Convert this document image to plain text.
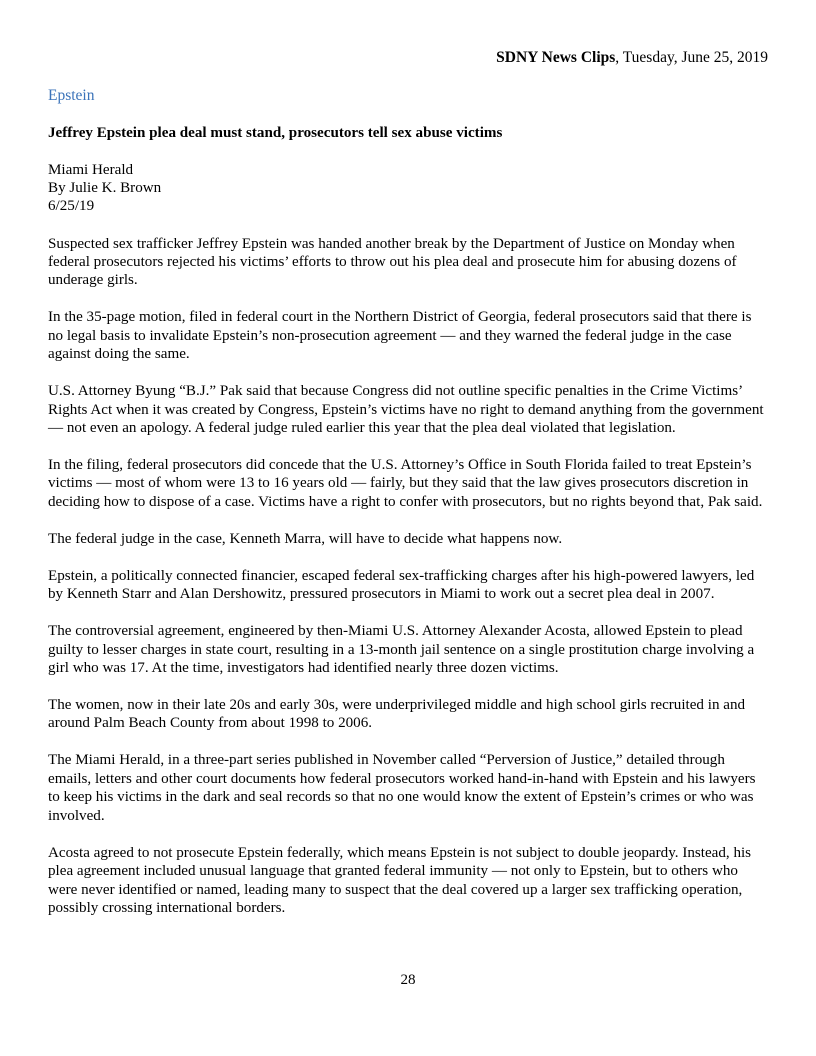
SDNY News Clips, Tuesday, June 25, 2019
Epstein
Jeffrey Epstein plea deal must stand, prosecutors tell sex abuse victims
Miami Herald
By Julie K. Brown
6/25/19

Suspected sex trafficker Jeffrey Epstein was handed another break by the Department of Justice on Monday when federal prosecutors rejected his victims’ efforts to throw out his plea deal and prosecute him for abusing dozens of underage girls.

In the 35-page motion, filed in federal court in the Northern District of Georgia, federal prosecutors said that there is no legal basis to invalidate Epstein’s non-prosecution agreement — and they warned the federal judge in the case against doing the same.

U.S. Attorney Byung “B.J.” Pak said that because Congress did not outline specific penalties in the Crime Victims’ Rights Act when it was created by Congress, Epstein’s victims have no right to demand anything from the government — not even an apology. A federal judge ruled earlier this year that the plea deal violated that legislation.

In the filing, federal prosecutors did concede that the U.S. Attorney’s Office in South Florida failed to treat Epstein’s victims — most of whom were 13 to 16 years old — fairly, but they said that the law gives prosecutors discretion in deciding how to dispose of a case. Victims have a right to confer with prosecutors, but no rights beyond that, Pak said.

The federal judge in the case, Kenneth Marra, will have to decide what happens now.

Epstein, a politically connected financier, escaped federal sex-trafficking charges after his high-powered lawyers, led by Kenneth Starr and Alan Dershowitz, pressured prosecutors in Miami to work out a secret plea deal in 2007.

The controversial agreement, engineered by then-Miami U.S. Attorney Alexander Acosta, allowed Epstein to plead guilty to lesser charges in state court, resulting in a 13-month jail sentence on a single prostitution charge involving a girl who was 17. At the time, investigators had identified nearly three dozen victims.

The women, now in their late 20s and early 30s, were underprivileged middle and high school girls recruited in and around Palm Beach County from about 1998 to 2006.

The Miami Herald, in a three-part series published in November called “Perversion of Justice,” detailed through emails, letters and other court documents how federal prosecutors worked hand-in-hand with Epstein and his lawyers to keep his victims in the dark and seal records so that no one would know the extent of Epstein’s crimes or who was involved.

Acosta agreed to not prosecute Epstein federally, which means Epstein is not subject to double jeopardy. Instead, his plea agreement included unusual language that granted federal immunity — not only to Epstein, but to others who were never identified or named, leading many to suspect that the deal covered up a larger sex trafficking operation, possibly crossing international borders.

28
